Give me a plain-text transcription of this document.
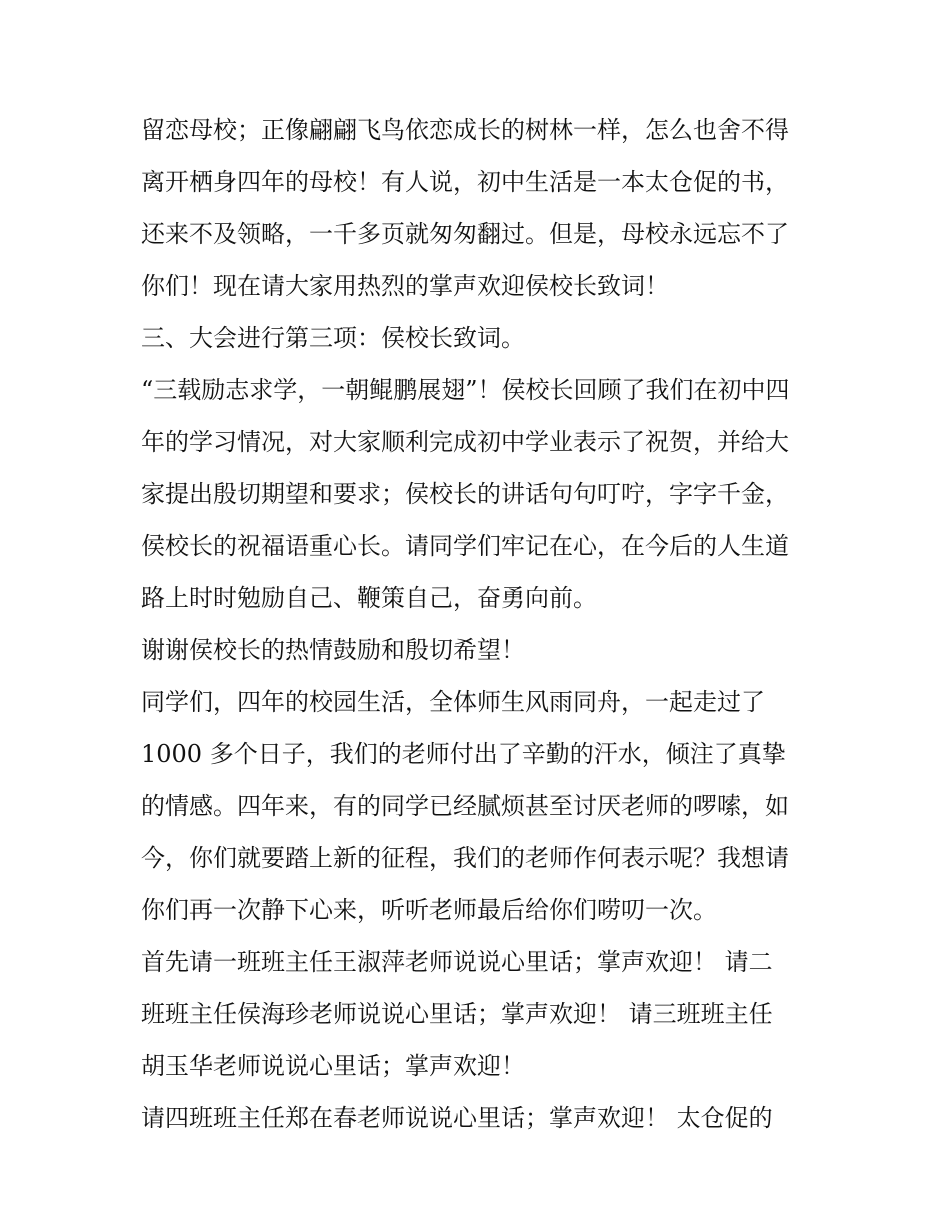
留恋母校；正像翩翩飞鸟依恋成长的树林一样，怎么也舍不得
离开栖身四年的母校！有人说，初中生活是一本太仓促的书，
还来不及领略，一千多页就匆匆翻过。但是，母校永远忘不了
你们！现在请大家用热烈的掌声欢迎侯校长致词！
三、大会进行第三项：侯校长致词。
“三载励志求学，一朝鲲鹏展翅”！侯校长回顾了我们在初中四
年的学习情况，对大家顺利完成初中学业表示了祝贺，并给大
家提出殷切期望和要求；侯校长的讲话句句叮咛，字字千金，
侯校长的祝福语重心长。请同学们牢记在心，在今后的人生道
路上时时勉励自己、鞭策自己，奋勇向前。
谢谢侯校长的热情鼓励和殷切希望！
同学们，四年的校园生活，全体师生风雨同舟，一起走过了
1000 多个日子，我们的老师付出了辛勤的汗水，倾注了真挚
的情感。四年来，有的同学已经腻烦甚至讨厌老师的啰嗦，如
今，你们就要踏上新的征程，我们的老师作何表示呢？我想请
你们再一次静下心来，听听老师最后给你们唠叨一次。
首先请一班班主任王淑萍老师说说心里话；掌声欢迎！ 请二
班班主任侯海珍老师说说心里话；掌声欢迎！ 请三班班主任
胡玉华老师说说心里话；掌声欢迎！
请四班班主任郑在春老师说说心里话；掌声欢迎！ 太仓促的
